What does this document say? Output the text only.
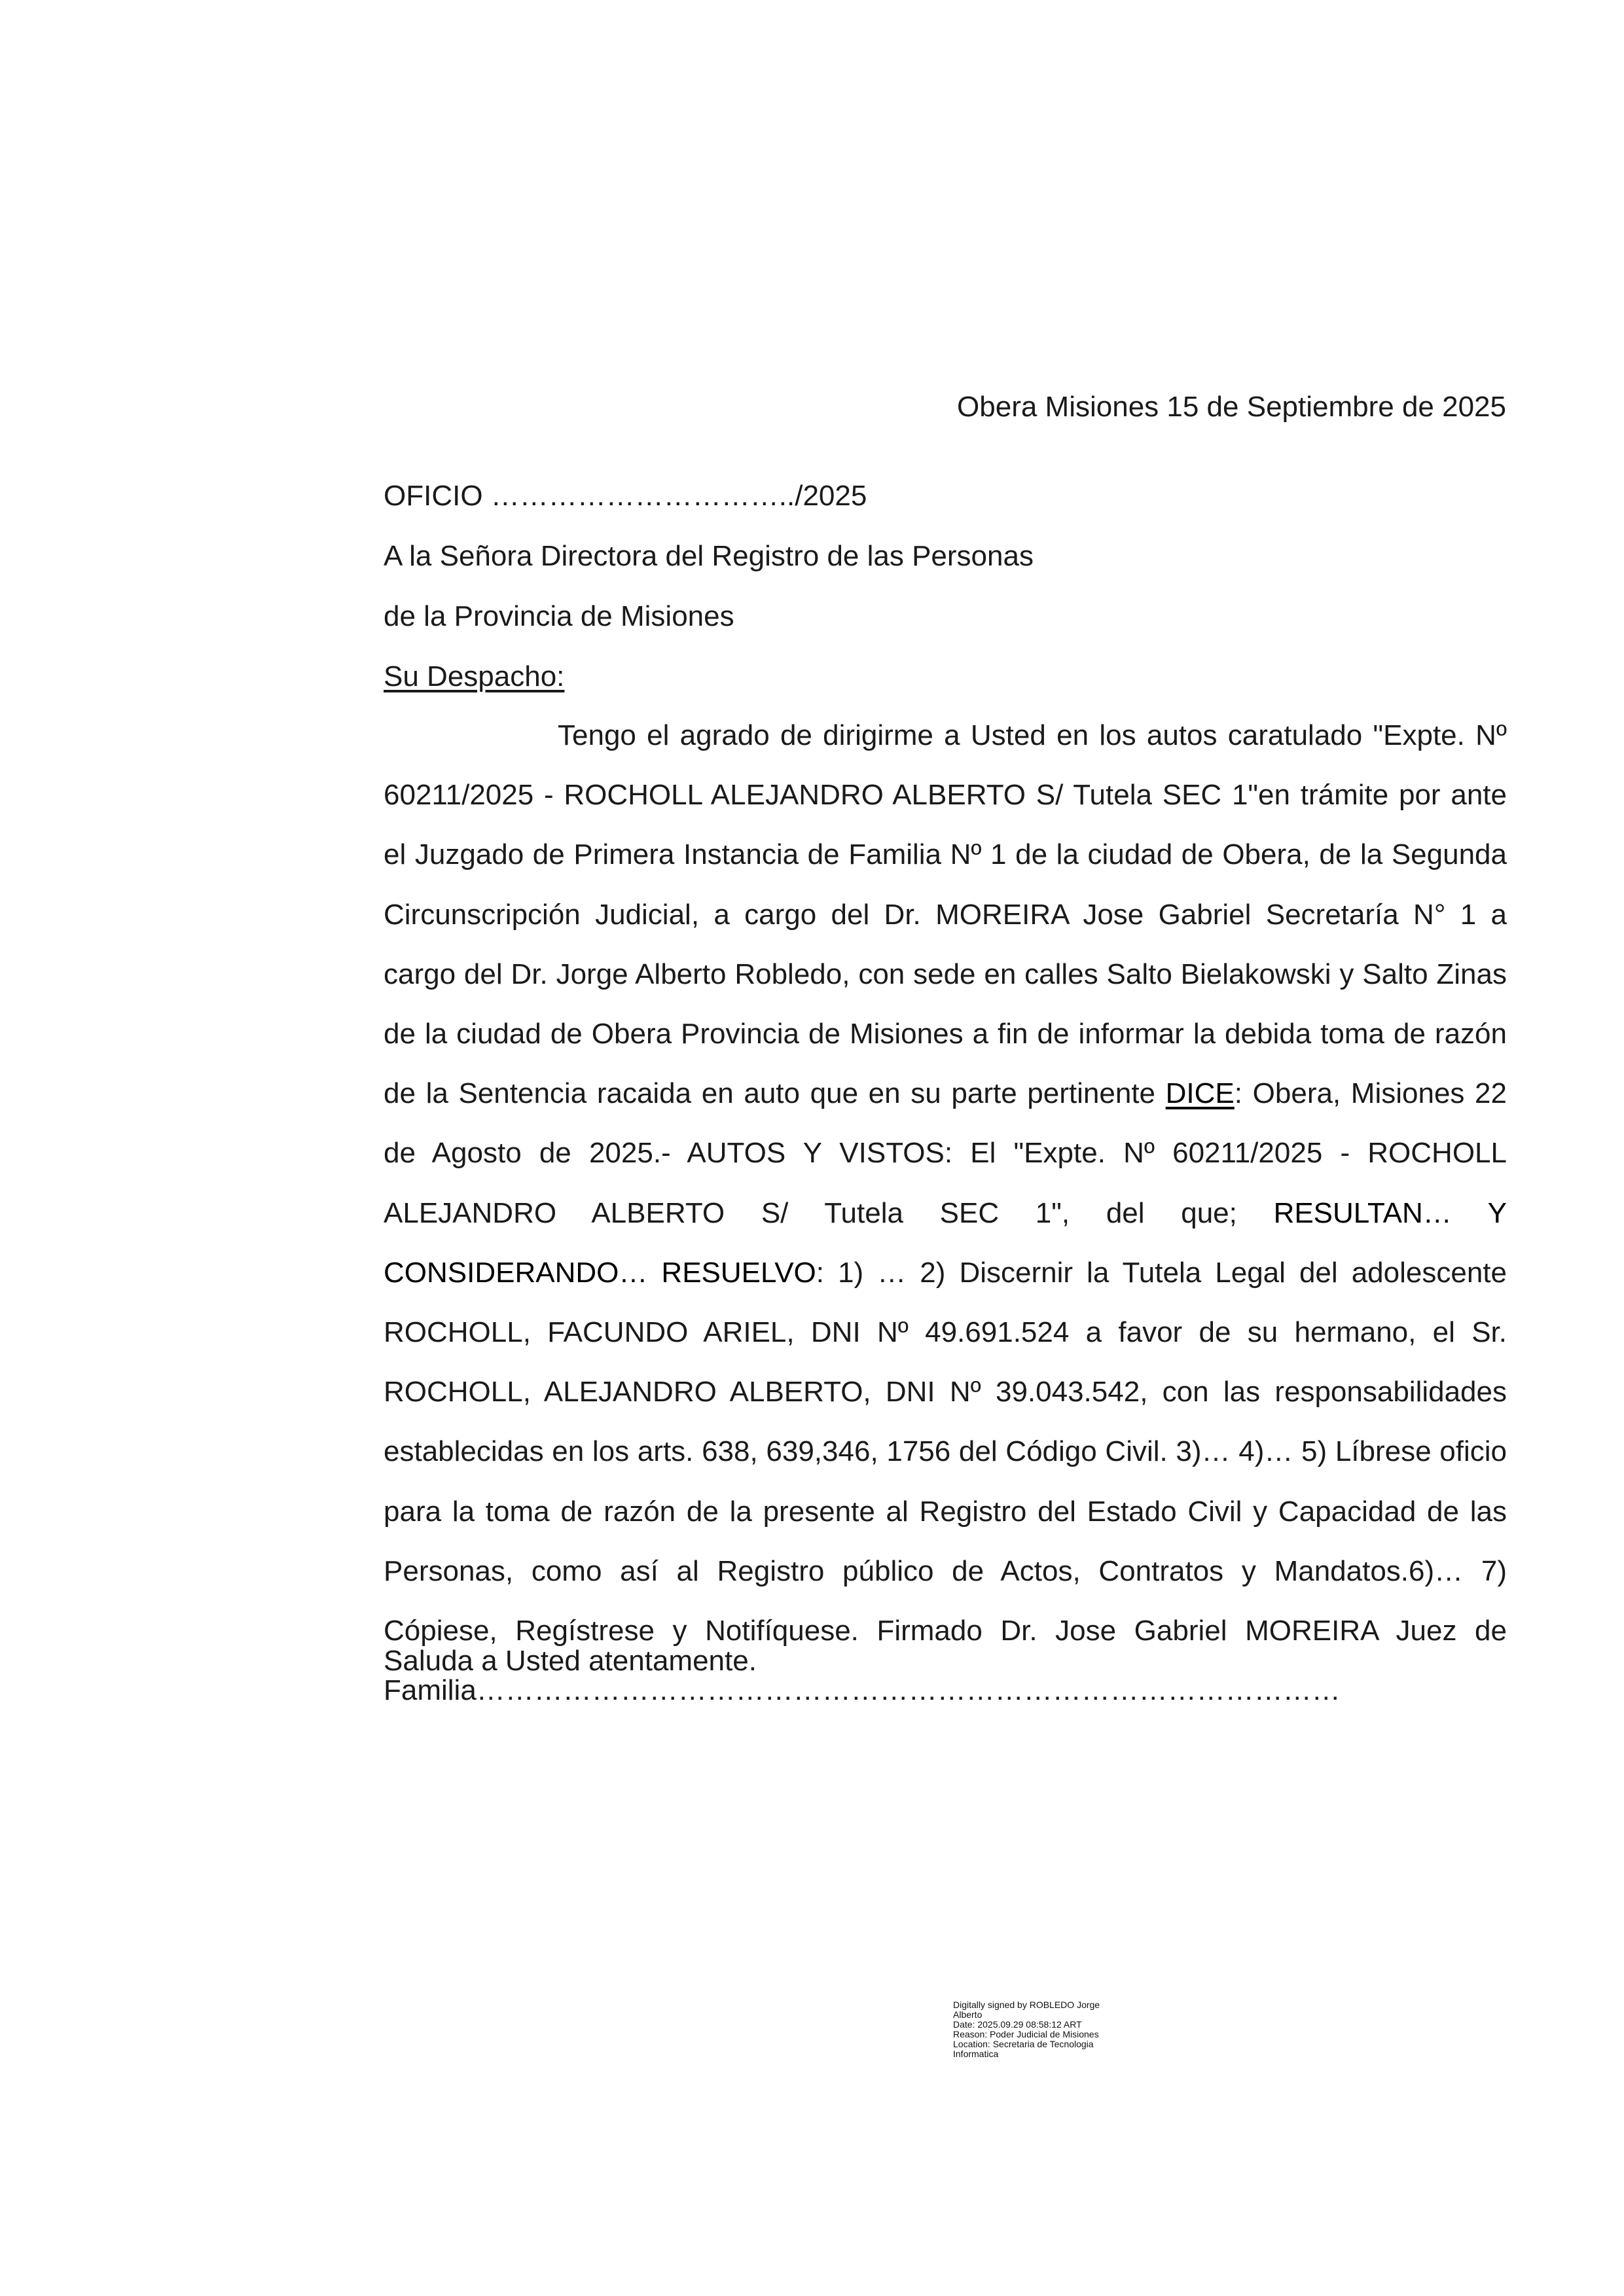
Obera Misiones 15 de Septiembre de 2025
OFICIO …………………………../2025
A la Señora Directora del Registro de las Personas
de la Provincia de Misiones
Su Despacho:

Tengo el agrado de dirigirme a Usted en los autos caratulado "Expte. Nº 60211/2025 - ROCHOLL ALEJANDRO ALBERTO S/ Tutela SEC 1"en trámite por ante el Juzgado de Primera Instancia de Familia Nº 1 de la ciudad de Obera, de la Segunda Circunscripción Judicial, a cargo del Dr. MOREIRA Jose Gabriel Secretaría N° 1 a cargo del Dr. Jorge Alberto Robledo, con sede en calles Salto Bielakowski y Salto Zinas de la ciudad de Obera Provincia de Misiones a fin de informar la debida toma de razón de la Sentencia racaida en auto que en su parte pertinente DICE: Obera, Misiones 22 de Agosto de 2025.- AUTOS Y VISTOS: El "Expte. Nº 60211/2025 - ROCHOLL ALEJANDRO ALBERTO S/ Tutela SEC 1", del que; RESULTAN… Y CONSIDERANDO… RESUELVO: 1) … 2) Discernir la Tutela Legal del adolescente ROCHOLL, FACUNDO ARIEL, DNI Nº 49.691.524 a favor de su hermano, el Sr. ROCHOLL, ALEJANDRO ALBERTO, DNI Nº 39.043.542, con las responsabilidades establecidas en los arts. 638, 639,346, 1756 del Código Civil. 3)… 4)… 5) Líbrese oficio para la toma de razón de la presente al Registro del Estado Civil y Capacidad de las Personas, como así al Registro público de Actos, Contratos y Mandatos.6)… 7) Cópiese, Regístrese y Notifíquese. Firmado Dr. Jose Gabriel MOREIRA Juez de Familia………………………………………………………………………………

Saluda a Usted atentamente.
Digitally signed by ROBLEDO Jorge
Alberto
Date: 2025.09.29 08:58:12 ART
Reason: Poder Judicial de Misiones
Location: Secretaria de Tecnologia
Informatica
